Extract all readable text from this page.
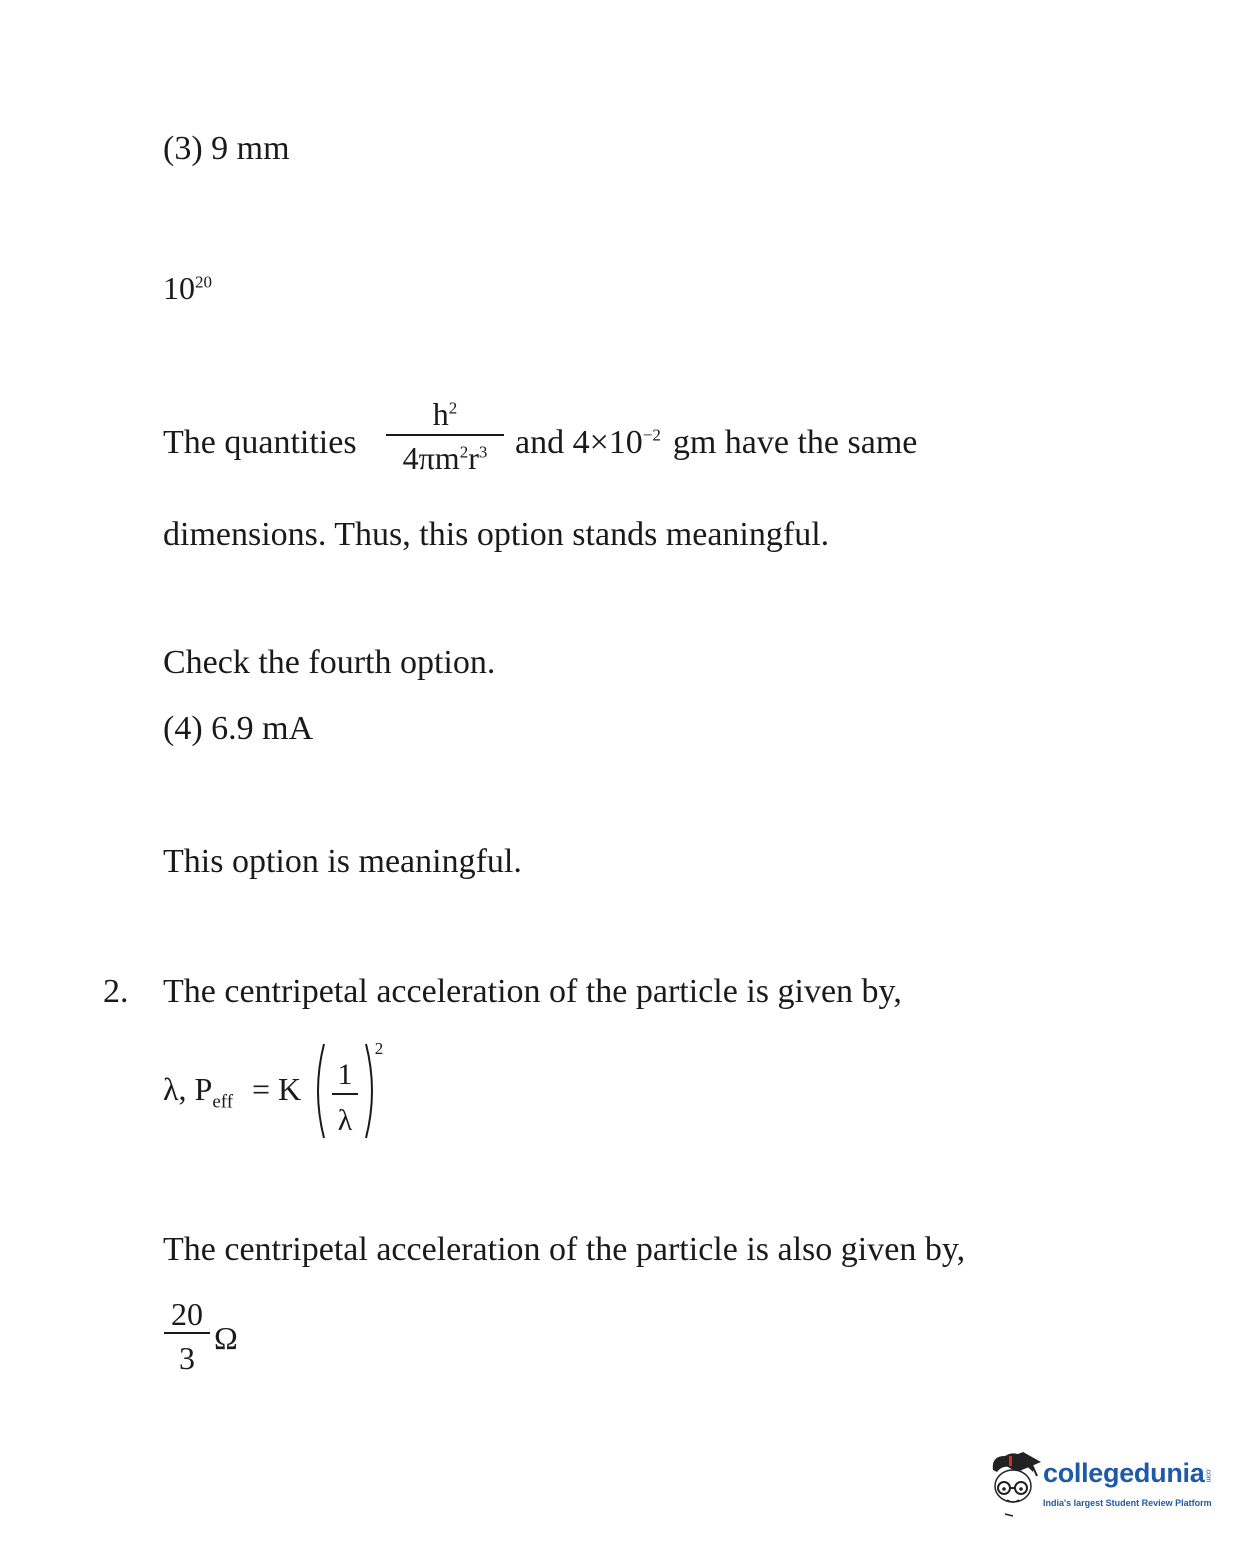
(3) 9 mm
$10^{20}$
The quantities
$h^2$
$4\pi m^2r^3$ and $4\times 10^{-2}$ gm have the same
dimensions. Thus, this option stands meaningful.
Check the fourth option.
(4) 6.9 mA
This option is meaningful.
2. The centripetal acceleration of the particle is given by,
λ, $P_{eff} = K$ 1
λ
2
The centripetal acceleration of the particle is also given by,
20
3
Ω
collegedunia.com
India's largest Student Review Platform
